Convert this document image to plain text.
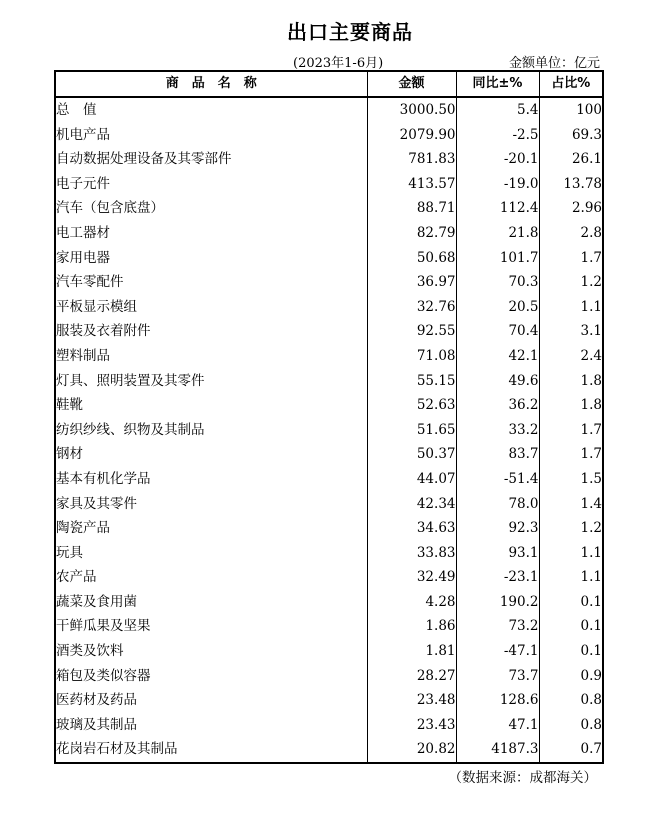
出口主要商品
(2023年1-6月)	金额单位：亿元
商　品　名　称	金额	同比±%	占比%
总　值	3000.50	5.4	100
机电产品	2079.90	-2.5	69.3
自动数据处理设备及其零部件	781.83	-20.1	26.1
电子元件	413.57	-19.0	13.78
汽车（包含底盘）	88.71	112.4	2.96
电工器材	82.79	21.8	2.8
家用电器	50.68	101.7	1.7
汽车零配件	36.97	70.3	1.2
平板显示模组	32.76	20.5	1.1
服装及衣着附件	92.55	70.4	3.1
塑料制品	71.08	42.1	2.4
灯具、照明装置及其零件	55.15	49.6	1.8
鞋靴	52.63	36.2	1.8
纺织纱线、织物及其制品	51.65	33.2	1.7
钢材	50.37	83.7	1.7
基本有机化学品	44.07	-51.4	1.5
家具及其零件	42.34	78.0	1.4
陶瓷产品	34.63	92.3	1.2
玩具	33.83	93.1	1.1
农产品	32.49	-23.1	1.1
蔬菜及食用菌	4.28	190.2	0.1
干鲜瓜果及坚果	1.86	73.2	0.1
酒类及饮料	1.81	-47.1	0.1
箱包及类似容器	28.27	73.7	0.9
医药材及药品	23.48	128.6	0.8
玻璃及其制品	23.43	47.1	0.8
花岗岩石材及其制品	20.82	4187.3	0.7
（数据来源：成都海关）
